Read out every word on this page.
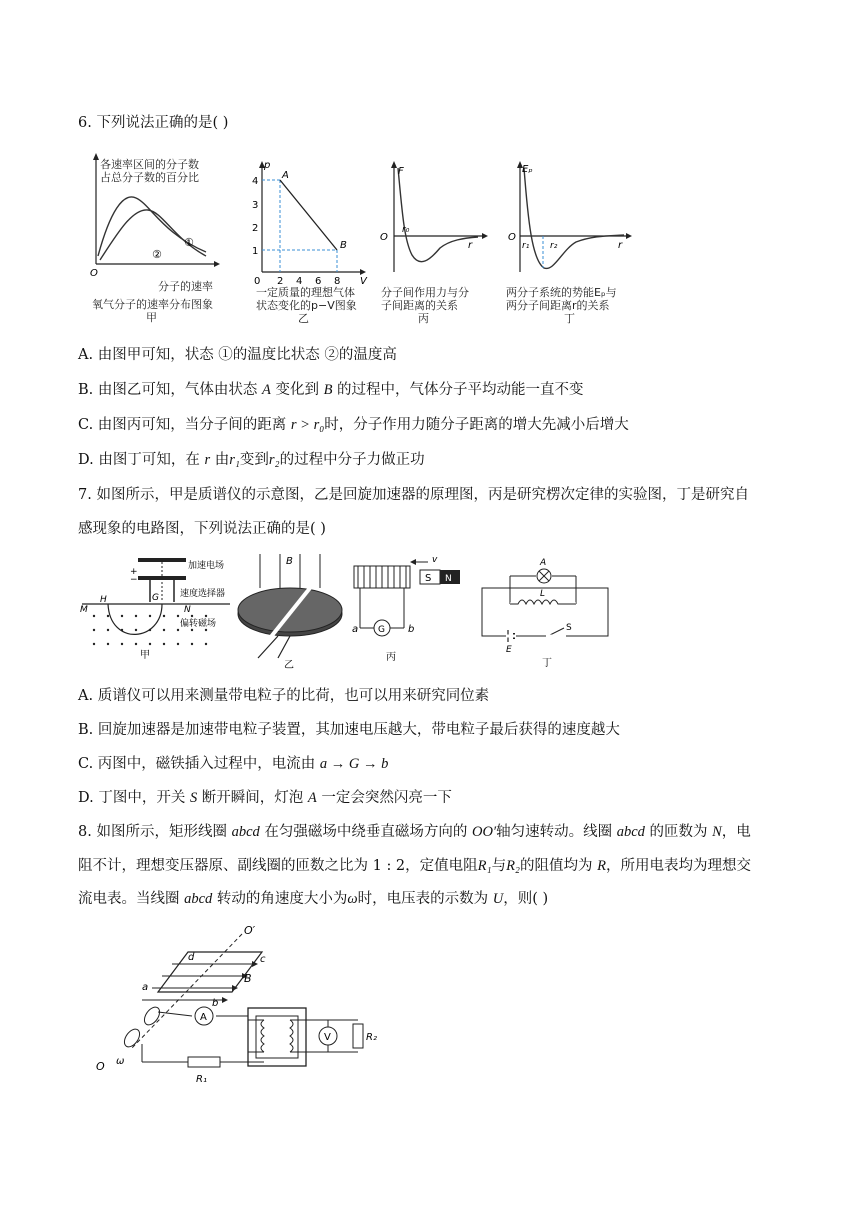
6. 下列说法正确的是( )
O
①
②
各速率区间的分子数
占总分子数的百分比
分子的速率
氧气分子的速率分布图象
甲
p
V
0
A
B
4
3
2
1
2 4 6 8
一定质量的理想气体
状态变化的p−V图象
乙
F
O
r₀
r
分子间作用力与分
子间距离的关系
丙
Eₚ
O
r₁ r₂	r
两分子系统的势能Eₚ与
两分子间距离r的关系
丁
A. 由图甲可知，状态 ①的温度比状态 ②的温度高
B. 由图乙可知，气体由状态 A 变化到 B 的过程中，气体分子平均动能一直不变
C. 由图丙可知，当分子间的距离 r > r₀时，分子作用力随分子距离的增大先减小后增大
D. 由图丁可知，在 r 由r₁变到r₂的过程中分子力做正功
7. 如图所示，甲是质谱仪的示意图，乙是回旋加速器的原理图，丙是研究楞次定律的实验图，丁是研究自
感现象的电路图，下列说法正确的是( )
+
−
M
H	G
N
加速电场
速度选择器
偏转磁场
甲
B
乙
v
S N
G
a	b
丙
A
L
E
S
丁
A. 质谱仪可以用来测量带电粒子的比荷，也可以用来研究同位素
B. 回旋加速器是加速带电粒子装置，其加速电压越大，带电粒子最后获得的速度越大
C. 丙图中，磁铁插入过程中，电流由 a → G → b
D. 丁图中，开关 S 断开瞬间，灯泡 A 一定会突然闪亮一下
8. 如图所示，矩形线圈 abcd 在匀强磁场中绕垂直磁场方向的 OO′轴匀速转动。线圈 abcd 的匝数为 N，电
阻不计，理想变压器原、副线圈的匝数之比为 1 : 2，定值电阻R₁与R₂的阻值均为 R，所用电表均为理想交
流电表。当线圈 abcd 转动的角速度大小为ω时，电压表的示数为 U，则( )
O′
d	c
B
a
b
A
V	R₂
R₁
O ω
